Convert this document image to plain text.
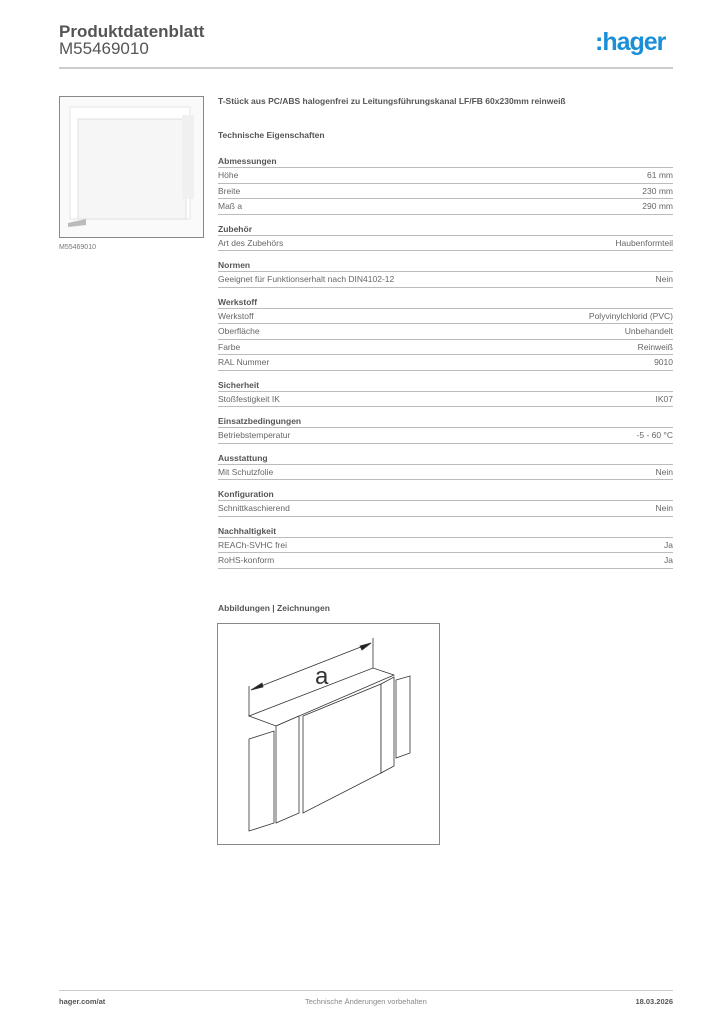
Produktdatenblatt
M55469010	:hager
M55469010
T-Stück aus PC/ABS halogenfrei zu Leitungsführungskanal LF/FB 60x230mm reinweiß
Technische Eigenschaften
Abmessungen
Höhe	61 mm
Breite	230 mm
Maß a	290 mm
Zubehör
Art des Zubehörs	Haubenformteil
Normen
Geeignet für Funktionserhalt nach DIN4102-12	Nein
Werkstoff
Werkstoff	Polyvinylchlorid (PVC)
Oberfläche	Unbehandelt
Farbe	Reinweiß
RAL Nummer	9010
Sicherheit
Stoßfestigkeit IK	IK07
Einsatzbedingungen
Betriebstemperatur	-5 - 60 °C
Ausstattung
Mit Schutzfolie	Nein
Konfiguration
Schnittkaschierend	Nein
Nachhaltigkeit
REACh-SVHC frei	Ja
RoHS-konform	Ja
Abbildungen | Zeichnungen
a
hager.com/at	Technische Änderungen vorbehalten	18.03.2026
